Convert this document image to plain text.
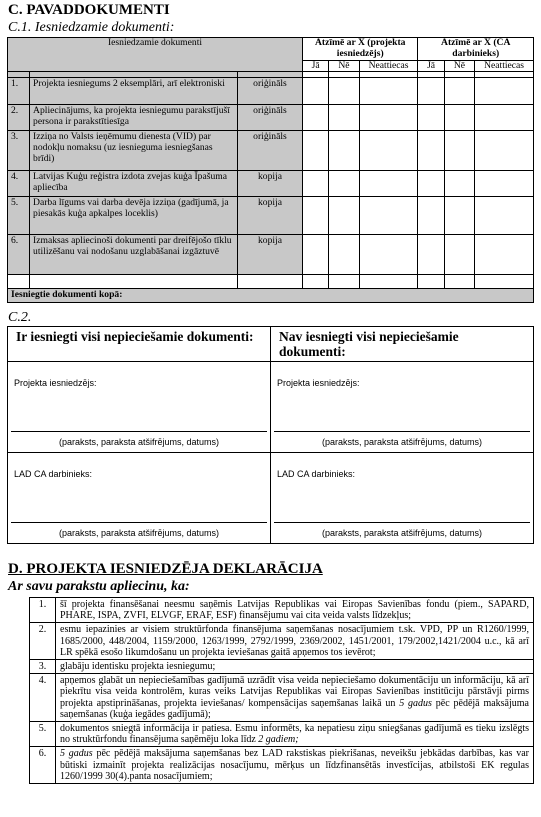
C. PAVADDOKUMENTI
C.1. Iesniedzamie dokumenti:
Iesniedzamie dokumenti			Atzīmē ar X (projekta iesniedzējs)			Atzīmē ar X (CA darbinieks)		
			Jā	Nē	Neattiecas	Jā	Nē	Neattiecas

1.	Projekta iesniegums 2 eksemplāri, arī elektroniski	oriģināls						
2.	Apliecinājums, ka projekta iesniegumu parakstījušī persona ir parakstītiesīga	oriģināls						
3.	Izziņa no Valsts ieņēmumu dienesta (VID) par nodokļu nomaksu (uz iesnieguma iesniegšanas brīdi)	oriģināls						
4.	Latvijas Kuģu reģistra izdota zvejas kuģa Īpašuma apliecība	kopija						
5.	Darba līgums vai darba devēja izziņa (gadījumā, ja piesakās kuģa apkalpes loceklis)	kopija						
6.	Izmaksas apliecinoši dokumenti par dreifējošo tīklu utilizēšanu vai nodošanu uzglabāšanai izgāztuvē	kopija						

Iesniegtie dokumenti kopā:								
C.2.
Ir iesniegti visi nepieciešamie dokumenti:	Nav iesniegti visi nepieciešamie dokumenti:

Projekta iesniedzējs:
(paraksts, paraksta atšifrējums, datums)	Projekta iesniedzējs:
(paraksts, paraksta atšifrējums, datums)

LAD CA darbinieks:
(paraksts, paraksta atšifrējums, datums)	LAD CA darbinieks:
(paraksts, paraksta atšifrējums, datums)
D. PROJEKTA IESNIEDZĒJA DEKLARĀCIJA
Ar savu parakstu apliecinu, ka:
1.	šī projekta finansēšanai neesmu saņēmis Latvijas Republikas vai Eiropas Savienības fondu (piem., SAPARD, PHARE, ISPA, ZVFI, ELVGF, ERAF, ESF) finansējumu vai cita veida valsts līdzekļus;
2.	esmu iepazinies ar visiem struktūrfonda finansējuma saņemšanas nosacījumiem t.sk. VPD, PP un R1260/1999, 1685/2000, 448/2004, 1159/2000, 1263/1999, 2792/1999, 2369/2002, 1451/2001, 179/2002,1421/2004 u.c., kā arī LR spēkā esošo likumdošanu un projekta ieviešanas gaitā apņemos tos ievērot;
3.	glabāju identisku projekta iesniegumu;
4.	apņemos glabāt un nepieciešamības gadījumā uzrādīt visa veida nepieciešamo dokumentāciju un informāciju, kā arī piekrītu visa veida kontrolēm, kuras veiks Latvijas Republikas vai Eiropas Savienības institūciju pārstāvji pirms projekta apstiprināšanas, projekta ieviešanas/ kompensācijas saņemšanas laikā un 5 gadus pēc pēdējā maksājuma saņemšanas (kuģa iegādes gadījumā);
5.	dokumentos sniegtā informācija ir patiesa. Esmu informēts, ka nepatiesu ziņu sniegšanas gadījumā es tieku izslēgts no struktūrfondu finansējuma saņēmēju loka līdz 2 gadiem;
6.	5 gadus pēc pēdējā maksājuma saņemšanas bez LAD rakstiskas piekrišanas, neveikšu jebkādas darbības, kas var būtiski izmainīt projekta realizācijas nosacījumu, mērķus un līdzfinansētās investīcijas, atbilstoši EK regulas 1260/1999 30(4).panta nosacījumiem;
